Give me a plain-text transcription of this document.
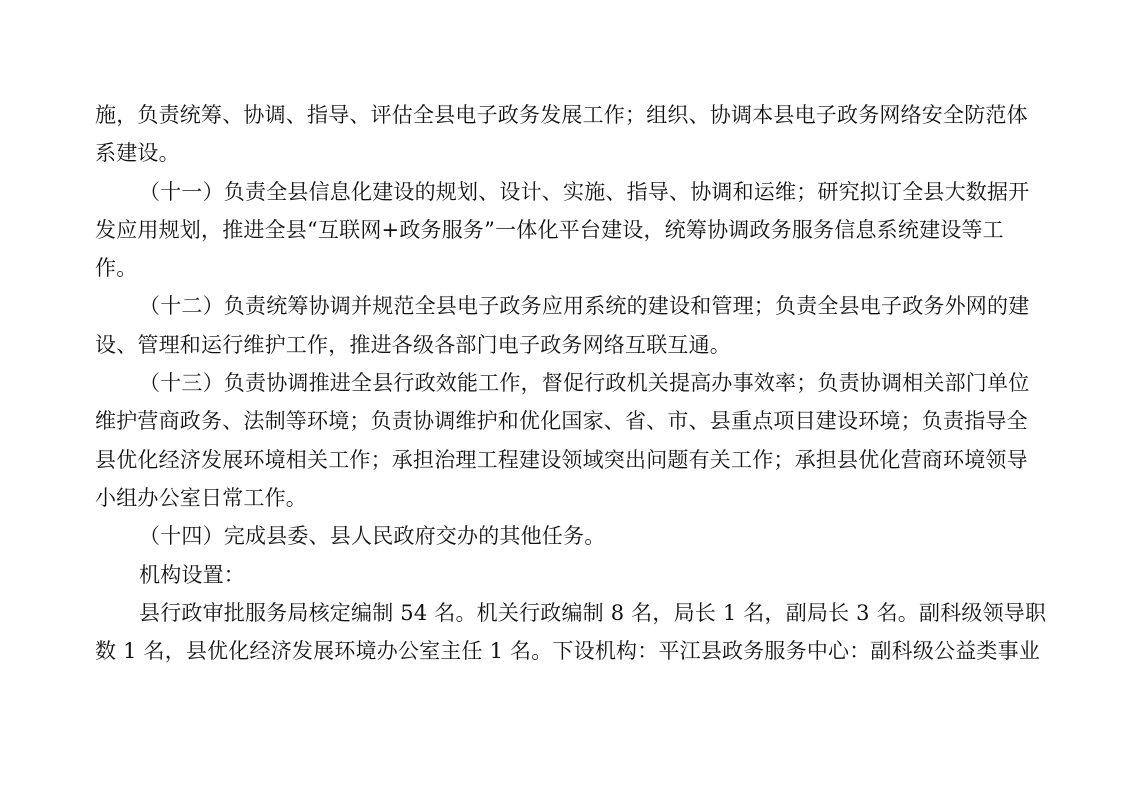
施，负责统筹、协调、指导、评估全县电子政务发展工作；组织、协调本县电子政务网络安全防范体
系建设。
（十一）负责全县信息化建设的规划、设计、实施、指导、协调和运维；研究拟订全县大数据开
发应用规划，推进全县“互联网+政务服务”一体化平台建设，统筹协调政务服务信息系统建设等工
作。
（十二）负责统筹协调并规范全县电子政务应用系统的建设和管理；负责全县电子政务外网的建
设、管理和运行维护工作，推进各级各部门电子政务网络互联互通。
（十三）负责协调推进全县行政效能工作，督促行政机关提高办事效率；负责协调相关部门单位
维护营商政务、法制等环境；负责协调维护和优化国家、省、市、县重点项目建设环境；负责指导全
县优化经济发展环境相关工作；承担治理工程建设领域突出问题有关工作；承担县优化营商环境领导
小组办公室日常工作。
（十四）完成县委、县人民政府交办的其他任务。
机构设置：
县行政审批服务局核定编制 54 名。机关行政编制 8 名，局长 1 名，副局长 3 名。副科级领导职
数 1 名，县优化经济发展环境办公室主任 1 名。下设机构：平江县政务服务中心：副科级公益类事业
